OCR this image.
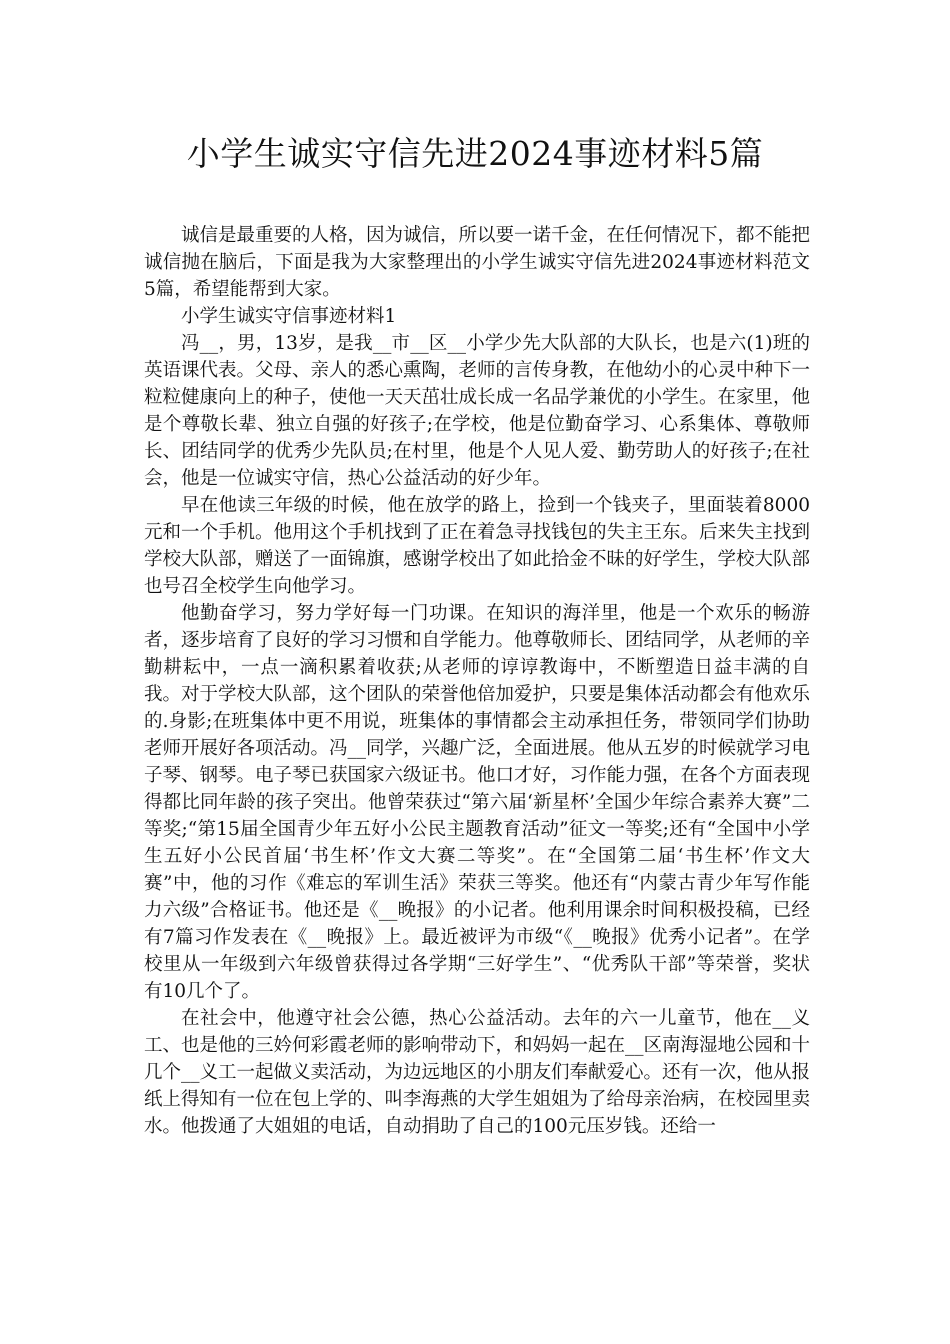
小学生诚实守信先进2024事迹材料5篇

诚信是最重要的人格，因为诚信，所以要一诺千金，在任何情况下，都不能把诚信抛在脑后，下面是我为大家整理出的小学生诚实守信先进2024事迹材料范文5篇，希望能帮到大家。

小学生诚实守信事迹材料1

冯__，男，13岁，是我__市__区__小学少先大队部的大队长，也是六(1)班的英语课代表。父母、亲人的悉心熏陶，老师的言传身教，在他幼小的心灵中种下一粒粒健康向上的种子，使他一天天茁壮成长成一名品学兼优的小学生。在家里，他是个尊敬长辈、独立自强的好孩子;在学校，他是位勤奋学习、心系集体、尊敬师长、团结同学的优秀少先队员;在村里，他是个人见人爱、勤劳助人的好孩子;在社会，他是一位诚实守信，热心公益活动的好少年。

早在他读三年级的时候，他在放学的路上，捡到一个钱夹子，里面装着8000元和一个手机。他用这个手机找到了正在着急寻找钱包的失主王东。后来失主找到学校大队部，赠送了一面锦旗，感谢学校出了如此拾金不昧的好学生，学校大队部也号召全校学生向他学习。

他勤奋学习，努力学好每一门功课。在知识的海洋里，他是一个欢乐的畅游者，逐步培育了良好的学习习惯和自学能力。他尊敬师长、团结同学，从老师的辛勤耕耘中，一点一滴积累着收获;从老师的谆谆教诲中，不断塑造日益丰满的自我。对于学校大队部，这个团队的荣誉他倍加爱护，只要是集体活动都会有他欢乐的.身影;在班集体中更不用说，班集体的事情都会主动承担任务，带领同学们协助老师开展好各项活动。冯__同学，兴趣广泛，全面进展。他从五岁的时候就学习电子琴、钢琴。电子琴已获国家六级证书。他口才好，习作能力强，在各个方面表现得都比同年龄的孩子突出。他曾荣获过“第六届‘新星杯’全国少年综合素养大赛”二等奖;“第15届全国青少年五好小公民主题教育活动”征文一等奖;还有“全国中小学生五好小公民首届‘书生杯’作文大赛二等奖”。在“全国第二届‘书生杯’作文大赛”中，他的习作《难忘的军训生活》荣获三等奖。他还有“内蒙古青少年写作能力六级”合格证书。他还是《__晚报》的小记者。他利用课余时间积极投稿，已经有7篇习作发表在《__晚报》上。最近被评为市级“《__晚报》优秀小记者”。在学校里从一年级到六年级曾获得过各学期“三好学生”、“优秀队干部”等荣誉，奖状有10几个了。

在社会中，他遵守社会公德，热心公益活动。去年的六一儿童节，他在__义工、也是他的三妗何彩霞老师的影响带动下，和妈妈一起在__区南海湿地公园和十几个__义工一起做义卖活动，为边远地区的小朋友们奉献爱心。还有一次，他从报纸上得知有一位在包上学的、叫李海燕的大学生姐姐为了给母亲治病，在校园里卖水。他拨通了大姐姐的电话，自动捐助了自己的100元压岁钱。还给一
